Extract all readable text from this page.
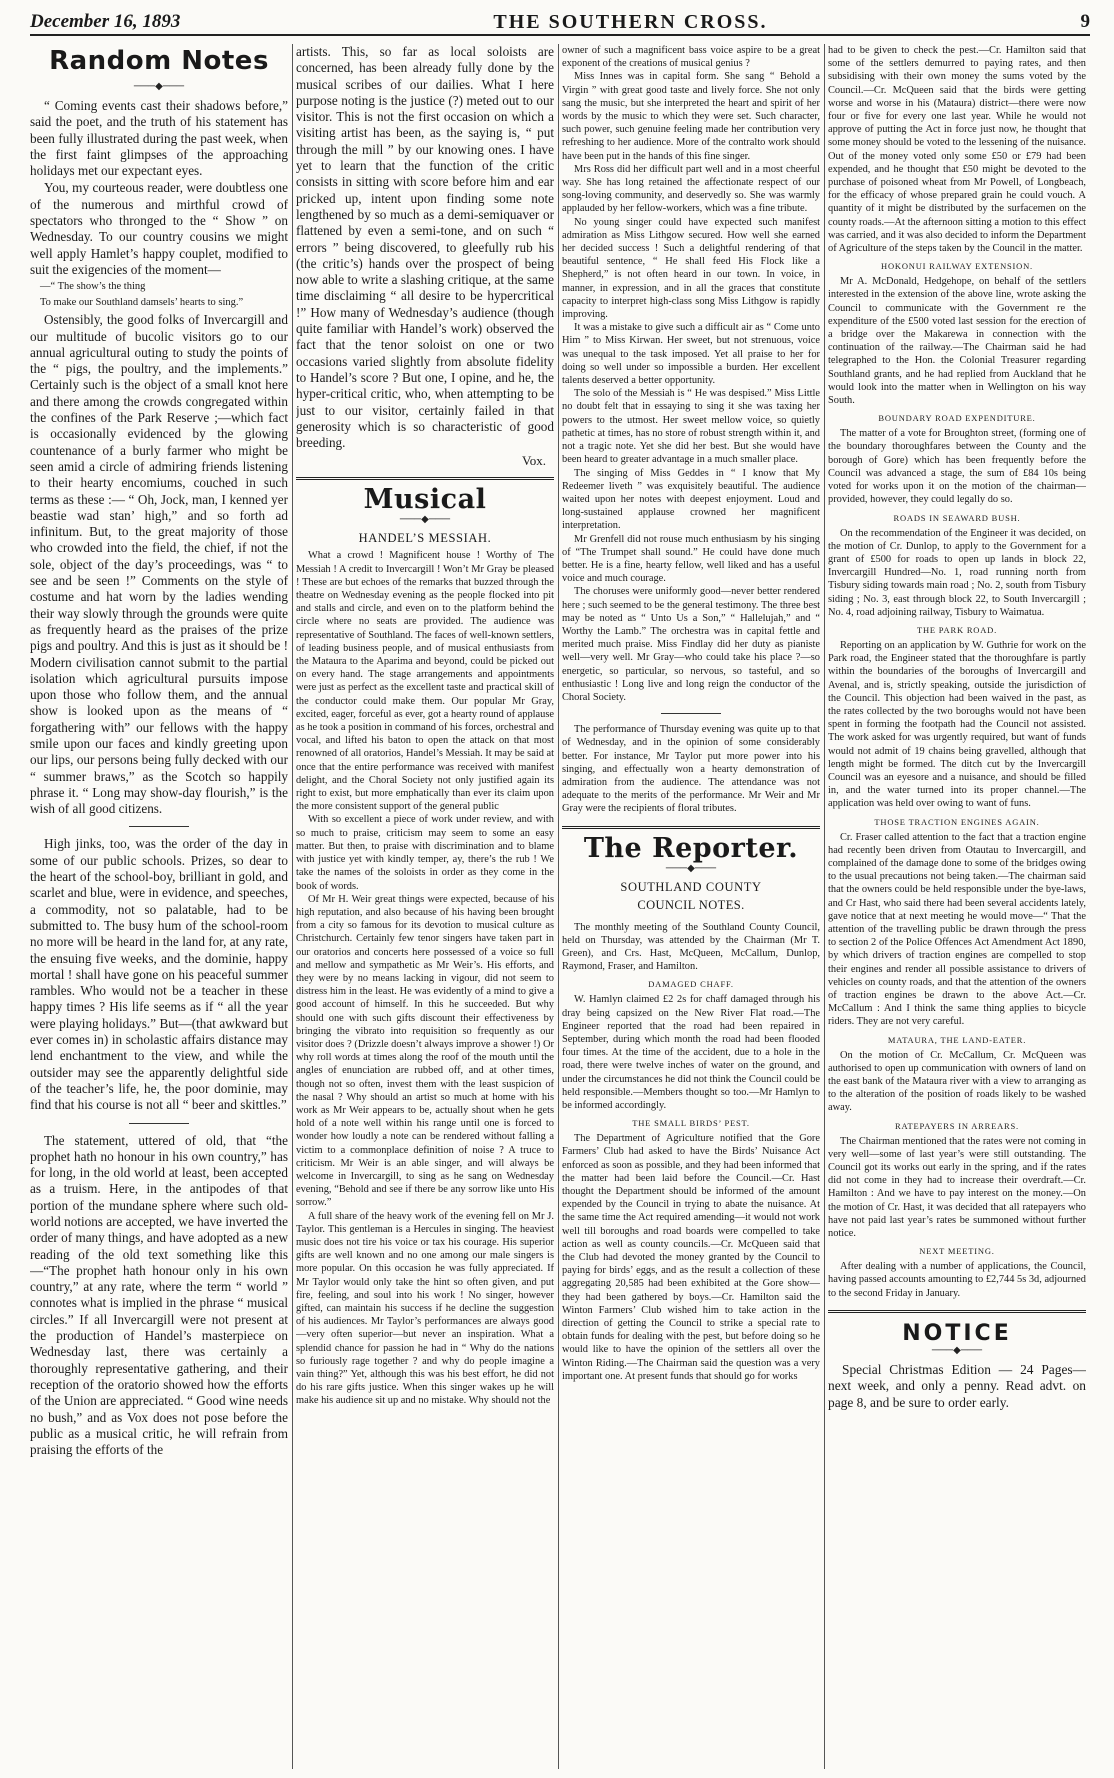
December 16, 1893	THE SOUTHERN CROSS.	9
Random Notes
───◆───

“ Coming events cast their shadows before,” said the poet, and the truth of his statement has been fully illustrated during the past week, when the first faint glimpses of the approaching holidays met our expectant eyes.

You, my courteous reader, were doubtless one of the numerous and mirthful crowd of spectators who thronged to the “ Show ” on Wednesday. To our country cousins we might well apply Hamlet’s happy couplet, modified to suit the exigencies of the moment—

—“ The show’s the thing
To make our Southland damsels’ hearts to sing.”

Ostensibly, the good folks of Invercargill and our multitude of bucolic visitors go to our annual agricultural outing to study the points of the “ pigs, the poultry, and the implements.” Certainly such is the object of a small knot here and there among the crowds congregated within the confines of the Park Reserve ;—which fact is occasionally evidenced by the glowing countenance of a burly farmer who might be seen amid a circle of admiring friends listening to their hearty encomiums, couched in such terms as these :— “ Oh, Jock, man, I kenned yer beastie wad stan’ high,” and so forth ad infinitum. But, to the great majority of those who crowded into the field, the chief, if not the sole, object of the day’s proceedings, was “ to see and be seen !” Comments on the style of costume and hat worn by the ladies wending their way slowly through the grounds were quite as frequently heard as the praises of the prize pigs and poultry. And this is just as it should be ! Modern civilisation cannot submit to the partial isolation which agricultural pursuits impose upon those who follow them, and the annual show is looked upon as the means of “ forgathering with” our fellows with the happy smile upon our faces and kindly greeting upon our lips, our persons being fully decked with our “ summer braws,” as the Scotch so happily phrase it. “ Long may show-day flourish,” is the wish of all good citizens.

High jinks, too, was the order of the day in some of our public schools. Prizes, so dear to the heart of the school-boy, brilliant in gold, and scarlet and blue, were in evidence, and speeches, a commodity, not so palatable, had to be submitted to. The busy hum of the school-room no more will be heard in the land for, at any rate, the ensuing five weeks, and the dominie, happy mortal ! shall have gone on his peaceful summer rambles. Who would not be a teacher in these happy times ? His life seems as if “ all the year were playing holidays.” But—(that awkward but ever comes in) in scholastic affairs distance may lend enchantment to the view, and while the outsider may see the apparently delightful side of the teacher’s life, he, the poor dominie, may find that his course is not all “ beer and skittles.”

The statement, uttered of old, that “the prophet hath no honour in his own country,” has for long, in the old world at least, been accepted as a truism. Here, in the antipodes of that portion of the mundane sphere where such old-world notions are accepted, we have inverted the order of many things, and have adopted as a new reading of the old text something like this—“The prophet hath honour only in his own country,” at any rate, where the term “ world ” connotes what is implied in the phrase “ musical circles.” If all Invercargill were not present at the production of Handel’s masterpiece on Wednesday last, there was certainly a thoroughly representative gathering, and their reception of the oratorio showed how the efforts of the Union are appreciated. “ Good wine needs no bush,” and as Vox does not pose before the public as a musical critic, he will refrain from praising the efforts of the

artists. This, so far as local soloists are concerned, has been already fully done by the musical scribes of our dailies. What I here purpose noting is the justice (?) meted out to our visitor. This is not the first occasion on which a visiting artist has been, as the saying is, “ put through the mill ” by our knowing ones. I have yet to learn that the function of the critic consists in sitting with score before him and ear pricked up, intent upon finding some note lengthened by so much as a demi-semiquaver or flattened by even a semi-tone, and on such “ errors ” being discovered, to gleefully rub his (the critic’s) hands over the prospect of being now able to write a slashing critique, at the same time disclaiming “ all desire to be hypercritical !” How many of Wednesday’s audience (though quite familiar with Handel’s work) observed the fact that the tenor soloist on one or two occasions varied slightly from absolute fidelity to Handel’s score ? But one, I opine, and he, the hyper-critical critic, who, when attempting to be just to our visitor, certainly failed in that generosity which is so characteristic of good breeding.

Vox.
Musical
───◆───
HANDEL’S MESSIAH.

What a crowd ! Magnificent house ! Worthy of The Messiah ! A credit to Invercargill ! Won’t Mr Gray be pleased ! These are but echoes of the remarks that buzzed through the theatre on Wednesday evening as the people flocked into pit and stalls and circle, and even on to the platform behind the circle where no seats are provided. The audience was representative of Southland. The faces of well-known settlers, of leading business people, and of musical enthusiasts from the Mataura to the Aparima and beyond, could be picked out on every hand. The stage arrangements and appointments were just as perfect as the excellent taste and practical skill of the conductor could make them. Our popular Mr Gray, excited, eager, forceful as ever, got a hearty round of applause as he took a position in command of his forces, orchestral and vocal, and lifted his baton to open the attack on that most renowned of all oratorios, Handel’s Messiah. It may be said at once that the entire performance was received with manifest delight, and the Choral Society not only justified again its right to exist, but more emphatically than ever its claim upon the more consistent support of the general public

With so excellent a piece of work under review, and with so much to praise, criticism may seem to some an easy matter. But then, to praise with discrimination and to blame with justice yet with kindly temper, ay, there’s the rub ! We take the names of the soloists in order as they come in the book of words.

Of Mr H. Weir great things were expected, because of his high reputation, and also because of his having been brought from a city so famous for its devotion to musical culture as Christchurch. Certainly few tenor singers have taken part in our oratorios and concerts here possessed of a voice so full and mellow and sympathetic as Mr Weir’s. His efforts, and they were by no means lacking in vigour, did not seem to distress him in the least. He was evidently of a mind to give a good account of himself. In this he succeeded. But why should one with such gifts discount their effectiveness by bringing the vibrato into requisition so frequently as our visitor does ? (Drizzle doesn’t always improve a shower !) Or why roll words at times along the roof of the mouth until the angles of enunciation are rubbed off, and at other times, though not so often, invest them with the least suspicion of the nasal ? Why should an artist so much at home with his work as Mr Weir appears to be, actually shout when he gets hold of a note well within his range until one is forced to wonder how loudly a note can be rendered without falling a victim to a commonplace definition of noise ? A truce to criticism. Mr Weir is an able singer, and will always be welcome in Invercargill, to sing as he sang on Wednesday evening, “Behold and see if there be any sorrow like unto His sorrow.”

A full share of the heavy work of the evening fell on Mr J. Taylor. This gentleman is a Hercules in singing. The heaviest music does not tire his voice or tax his courage. His superior gifts are well known and no one among our male singers is more popular. On this occasion he was fully appreciated. If Mr Taylor would only take the hint so often given, and put fire, feeling, and soul into his work ! No singer, however gifted, can maintain his success if he decline the suggestion of his audiences. Mr Taylor’s performances are always good—very often superior—but never an inspiration. What a splendid chance for passion he had in “ Why do the nations so furiously rage together ? and why do people imagine a vain thing?” Yet, although this was his best effort, he did not do his rare gifts justice. When this singer wakes up he will make his audience sit up and no mistake. Why should not the

owner of such a magnificent bass voice aspire to be a great exponent of the creations of musical genius ?

Miss Innes was in capital form. She sang “ Behold a Virgin ” with great good taste and lively force. She not only sang the music, but she interpreted the heart and spirit of her words by the music to which they were set. Such character, such power, such genuine feeling made her contribution very refreshing to her audience. More of the contralto work should have been put in the hands of this fine singer.

Mrs Ross did her difficult part well and in a most cheerful way. She has long retained the affectionate respect of our song-loving community, and deservedly so. She was warmly applauded by her fellow-workers, which was a fine tribute.

No young singer could have expected such manifest admiration as Miss Lithgow secured. How well she earned her decided success ! Such a delightful rendering of that beautiful sentence, “ He shall feed His Flock like a Shepherd,” is not often heard in our town. In voice, in manner, in expression, and in all the graces that constitute capacity to interpret high-class song Miss Lithgow is rapidly improving.

It was a mistake to give such a difficult air as “ Come unto Him ” to Miss Kirwan. Her sweet, but not strenuous, voice was unequal to the task imposed. Yet all praise to her for doing so well under so impossible a burden. Her excellent talents deserved a better opportunity.

The solo of the Messiah is “ He was despised.” Miss Little no doubt felt that in essaying to sing it she was taxing her powers to the utmost. Her sweet mellow voice, so quietly pathetic at times, has no store of robust strength within it, and not a tragic note. Yet she did her best. But she would have been heard to greater advantage in a much smaller place.

The singing of Miss Geddes in “ I know that My Redeemer liveth ” was exquisitely beautiful. The audience waited upon her notes with deepest enjoyment. Loud and long-sustained applause crowned her magnificent interpretation.

Mr Grenfell did not rouse much enthusiasm by his singing of “The Trumpet shall sound.” He could have done much better. He is a fine, hearty fellow, well liked and has a useful voice and much courage.

The choruses were uniformly good—never better rendered here ; such seemed to be the general testimony. The three best may be noted as “ Unto Us a Son,” “ Hallelujah,” and “ Worthy the Lamb.” The orchestra was in capital fettle and merited much praise. Miss Findlay did her duty as pianiste well—very well. Mr Gray—who could take his place ?—so energetic, so particular, so nervous, so tasteful, and so enthusiastic ! Long live and long reign the conductor of the Choral Society.

The performance of Thursday evening was quite up to that of Wednesday, and in the opinion of some considerably better. For instance, Mr Taylor put more power into his singing, and effectually won a hearty demonstration of admiration from the audience. The attendance was not adequate to the merits of the performance. Mr Weir and Mr Gray were the recipients of floral tributes.

The Reporter.
───◆───
SOUTHLAND COUNTY
COUNCIL NOTES.

The monthly meeting of the Southland County Council, held on Thursday, was attended by the Chairman (Mr T. Green), and Crs. Hast, McQueen, McCallum, Dunlop, Raymond, Fraser, and Hamilton.

DAMAGED CHAFF.

W. Hamlyn claimed £2 2s for chaff damaged through his dray being capsized on the New River Flat road.—The Engineer reported that the road had been repaired in September, during which month the road had been flooded four times. At the time of the accident, due to a hole in the road, there were twelve inches of water on the ground, and under the circumstances he did not think the Council could be held responsible.—Members thought so too.—Mr Hamlyn to be informed accordingly.

THE SMALL BIRDS’ PEST.

The Department of Agriculture notified that the Gore Farmers’ Club had asked to have the Birds’ Nuisance Act enforced as soon as possible, and they had been informed that the matter had been laid before the Council.—Cr. Hast thought the Department should be informed of the amount expended by the Council in trying to abate the nuisance. At the same time the Act required amending—it would not work well till boroughs and road boards were compelled to take action as well as county councils.—Cr. McQueen said that the Club had devoted the money granted by the Council to paying for birds’ eggs, and as the result a collection of these aggregating 20,585 had been exhibited at the Gore show—they had been gathered by boys.—Cr. Hamilton said the Winton Farmers’ Club wished him to take action in the direction of getting the Council to strike a special rate to obtain funds for dealing with the pest, but before doing so he would like to have the opinion of the settlers all over the Winton Riding.—The Chairman said the question was a very important one. At present funds that should go for works

had to be given to check the pest.—Cr. Hamilton said that some of the settlers demurred to paying rates, and then subsidising with their own money the sums voted by the Council.—Cr. McQueen said that the birds were getting worse and worse in his (Mataura) district—there were now four or five for every one last year. While he would not approve of putting the Act in force just now, he thought that some money should be voted to the lessening of the nuisance. Out of the money voted only some £50 or £79 had been expended, and he thought that £50 might be devoted to the purchase of poisoned wheat from Mr Powell, of Longbeach, for the efficacy of whose prepared grain he could vouch. A quantity of it might be distributed by the surfacemen on the county roads.—At the afternoon sitting a motion to this effect was carried, and it was also decided to inform the Department of Agriculture of the steps taken by the Council in the matter.

HOKONUI RAILWAY EXTENSION.

Mr A. McDonald, Hedgehope, on behalf of the settlers interested in the extension of the above line, wrote asking the Council to communicate with the Government re the expenditure of the £500 voted last session for the erection of a bridge over the Makarewa in connection with the continuation of the railway.—The Chairman said he had telegraphed to the Hon. the Colonial Treasurer regarding Southland grants, and he had replied from Auckland that he would look into the matter when in Wellington on his way South.

BOUNDARY ROAD EXPENDITURE.

The matter of a vote for Broughton street, (forming one of the boundary thoroughfares between the County and the borough of Gore) which has been frequently before the Council was advanced a stage, the sum of £84 10s being voted for works upon it on the motion of the chairman—provided, however, they could legally do so.

ROADS IN SEAWARD BUSH.

On the recommendation of the Engineer it was decided, on the motion of Cr. Dunlop, to apply to the Government for a grant of £500 for roads to open up lands in block 22, Invercargill Hundred—No. 1, road running north from Tisbury siding towards main road ; No. 2, south from Tisbury siding ; No. 3, east through block 22, to South Invercargill ; No. 4, road adjoining railway, Tisbury to Waimatua.

THE PARK ROAD.

Reporting on an application by W. Guthrie for work on the Park road, the Engineer stated that the thoroughfare is partly within the boundaries of the boroughs of Invercargill and Avenal, and is, strictly speaking, outside the jurisdiction of the Council. This objection had been waived in the past, as the rates collected by the two boroughs would not have been spent in forming the footpath had the Council not assisted. The work asked for was urgently required, but want of funds would not admit of 19 chains being gravelled, although that length might be formed. The ditch cut by the Invercargill Council was an eyesore and a nuisance, and should be filled in, and the water turned into its proper channel.—The application was held over owing to want of funs.

THOSE TRACTION ENGINES AGAIN.

Cr. Fraser called attention to the fact that a traction engine had recently been driven from Otautau to Invercargill, and complained of the damage done to some of the bridges owing to the usual precautions not being taken.—The chairman said that the owners could be held responsible under the bye-laws, and Cr Hast, who said there had been several accidents lately, gave notice that at next meeting he would move—“ That the attention of the travelling public be drawn through the press to section 2 of the Police Offences Act Amendment Act 1890, by which drivers of traction engines are compelled to stop their engines and render all possible assistance to drivers of vehicles on county roads, and that the attention of the owners of traction engines be drawn to the above Act.—Cr. McCallum : And I think the same thing applies to bicycle riders. They are not very careful.

MATAURA, THE LAND-EATER.

On the motion of Cr. McCallum, Cr. McQueen was authorised to open up communication with owners of land on the east bank of the Mataura river with a view to arranging as to the alteration of the position of roads likely to be washed away.

RATEPAYERS IN ARREARS.

The Chairman mentioned that the rates were not coming in very well—some of last year’s were still outstanding. The Council got its works out early in the spring, and if the rates did not come in they had to increase their overdraft.—Cr. Hamilton : And we have to pay interest on the money.—On the motion of Cr. Hast, it was decided that all ratepayers who have not paid last year’s rates be summoned without further notice.

NEXT MEETING.

After dealing with a number of applications, the Council, having passed accounts amounting to £2,744 5s 3d, adjourned to the second Friday in January.

NOTICE
───◆───

Special Christmas Edition — 24 Pages—next week, and only a penny. Read advt. on page 8, and be sure to order early.
